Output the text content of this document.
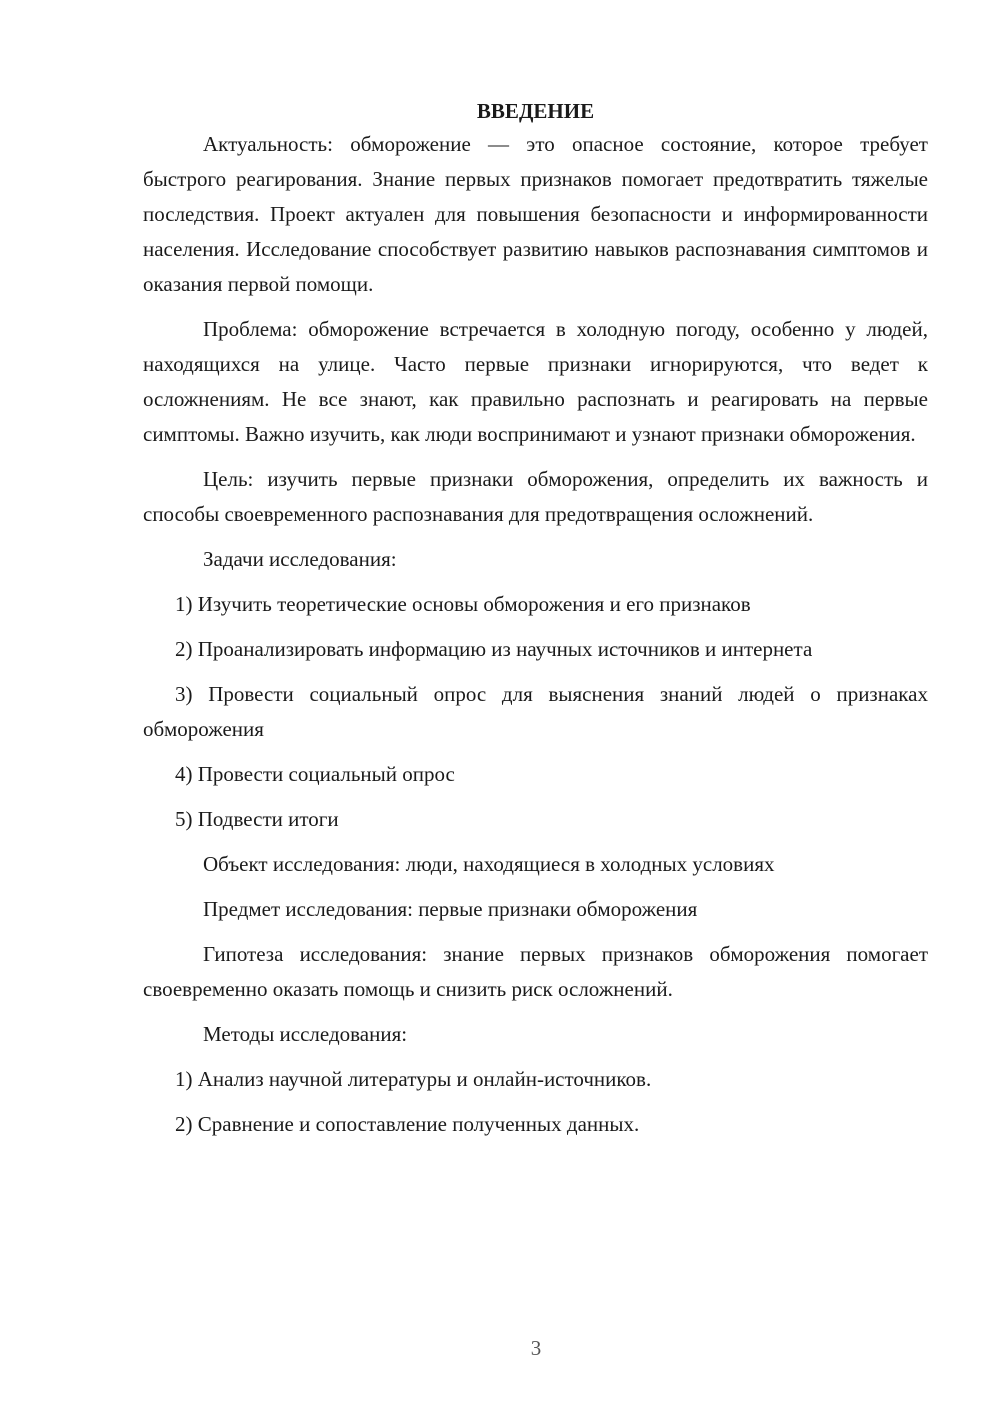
ВВЕДЕНИЕ

Актуальность: обморожение — это опасное состояние, которое требует быстрого реагирования. Знание первых признаков помогает предотвратить тяжелые последствия. Проект актуален для повышения безопасности и информированности населения. Исследование способствует развитию навыков распознавания симптомов и оказания первой помощи.

Проблема: обморожение встречается в холодную погоду, особенно у людей, находящихся на улице. Часто первые признаки игнорируются, что ведет к осложнениям. Не все знают, как правильно распознать и реагировать на первые симптомы. Важно изучить, как люди воспринимают и узнают признаки обморожения.

Цель: изучить первые признаки обморожения, определить их важность и способы своевременного распознавания для предотвращения осложнений.

Задачи исследования:

1) Изучить теоретические основы обморожения и его признаков

2) Проанализировать информацию из научных источников и интернета

3) Провести социальный опрос для выяснения знаний людей о признаках обморожения

4) Провести социальный опрос

5) Подвести итоги

Объект исследования: люди, находящиеся в холодных условиях

Предмет исследования: первые признаки обморожения

Гипотеза исследования: знание первых признаков обморожения помогает своевременно оказать помощь и снизить риск осложнений.

Методы исследования:

1) Анализ научной литературы и онлайн-источников.

2) Сравнение и сопоставление полученных данных.

3
